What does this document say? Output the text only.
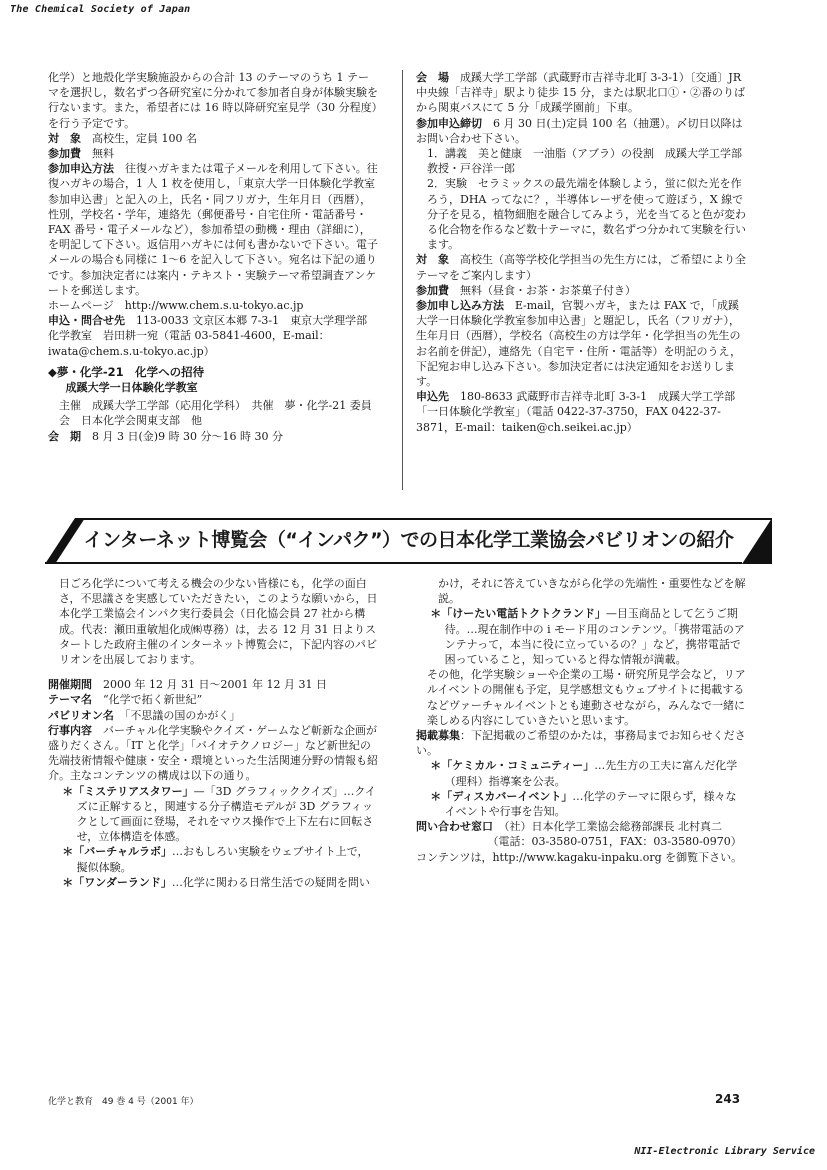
The Chemical Society of Japan

化学）と地殻化学実験施設からの合計 13 のテーマのうち 1 テーマを選択し，数名ずつ各研究室に分かれて参加者自身が体験実験を行ないます。また，希望者には 16 時以降研究室見学（30 分程度）を行う予定です。

対　象　 高校生，定員 100 名

参加費　 無料

参加申込方法　 往復ハガキまたは電子メールを利用して下さい。往復ハガキの場合，1 人 1 枚を使用し，「東京大学一日体験化学教室参加申込書」と記入の上，氏名・同フリガナ，生年月日（西暦），性別，学校名・学年，連絡先（郵便番号・自宅住所・電話番号・FAX 番号・電子メールなど），参加希望の動機・理由（詳細に），を明記して下さい。返信用ハガキには何も書かないで下さい。電子メールの場合も同様に 1〜6 を記入して下さい。宛名は下記の通りです。参加決定者には案内・テキスト・実験テーマ希望調査アンケートを郵送します。

ホームページ　http://www.chem.s.u-tokyo.ac.jp

申込・問合せ先　 113-0033 文京区本郷 7-3-1　東京大学理学部化学教室　岩田耕一宛（電話 03-5841-4600，E‐mail：iwata@chem.s.u-tokyo.ac.jp）

◆夢・化学-21　化学への招待

成蹊大学一日体験化学教室

主催　成蹊大学工学部（応用化学科）　共催　夢・化学-21 委員会　日本化学会関東支部　他

会　期　 8 月 3 日(金)9 時 30 分〜16 時 30 分

会　場　 成蹊大学工学部（武蔵野市吉祥寺北町 3-3-1）〔交通〕JR 中央線「吉祥寺」駅より徒歩 15 分，または駅北口①・②番のりばから関東バスにて 5 分「成蹊学園前」下車。

参加申込締切　 6 月 30 日(土)定員 100 名（抽選）。〆切日以降はお問い合わせ下さい。

1．講義　美と健康　一油脂（アブラ）の役割　成蹊大学工学部教授・戸谷洋一郎

2．実験　セラミックスの最先端を体験しよう，蛍に似た光を作ろう，DHA ってなに？，半導体レーザを使って遊ぼう，X 線で分子を見る，植物細胞を融合してみよう，光を当てると色が変わる化合物を作るなど数十テーマに，数名ずつ分かれて実験を行います。

対　象　 高校生（高等学校化学担当の先生方には，ご希望により全テーマをご案内します）

参加費　 無料（昼食・お茶・お茶菓子付き）

参加申し込み方法　 E‐mail，官製ハガキ，または FAX で，「成蹊大学一日体験化学教室参加申込書」と題記し，氏名（フリガナ），生年月日（西暦），学校名（高校生の方は学年・化学担当の先生のお名前を併記），連絡先（自宅〒・住所・電話等）を明記のうえ，下記宛お申し込み下さい。参加決定者には決定通知をお送りします。

申込先　 180-8633 武蔵野市吉祥寺北町 3-3-1　成蹊大学工学部「一日体験化学教室」（電話 0422-37-3750，FAX 0422-37-3871，E‐mail：taiken@ch.seikei.ac.jp）

インターネット博覧会（“インパク”）での日本化学工業協会パビリオンの紹介

日ごろ化学について考える機会の少ない皆様にも，化学の面白さ，不思議さを実感していただきたい，このような願いから，日本化学工業協会インパク実行委員会（日化協会員 27 社から構成。代表：瀬田重敏旭化成㈱専務）は，去る 12 月 31 日よりスタートした政府主催のインターネット博覧会に，下記内容のパビリオンを出展しております。

開催期間　 2000 年 12 月 31 日〜2001 年 12 月 31 日

テーマ名　 “化学で拓く新世紀”

パビリオン名　 「不思議の国のかがく」

行事内容　 バーチャル化学実験やクイズ・ゲームなど斬新な企画が盛りだくさん。「IT と化学」「バイオテクノロジー」など新世紀の先端技術情報や健康・安全・環境といった生活関連分野の情報も紹介。主なコンテンツの構成は以下の通り。

＊「ミステリアスタワー」—「3D グラフィッククイズ」…クイズに正解すると，関連する分子構造モデルが 3D グラフィックとして画面に登場，それをマウス操作で上下左右に回転させ，立体構造を体感。

＊「バーチャルラボ」…おもしろい実験をウェブサイト上で，擬似体験。

＊「ワンダーランド」…化学に関わる日常生活での疑問を問い

かけ，それに答えていきながら化学の先端性・重要性などを解説。

＊「けーたい電話トクトクランド」—目玉商品として乞うご期待。…現在制作中の i モード用のコンテンツ。「携帯電話のアンテナって，本当に役に立っているの？」など，携帯電話で困っていること，知っていると得な情報が満載。

その他，化学実験ショーや企業の工場・研究所見学会など，リアルイベントの開催も予定，見学感想文もウェブサイトに掲載するなどヴァーチャルイベントとも連動させながら，みんなで一緒に楽しめる内容にしていきたいと思います。

掲載募集：下記掲載のご希望のかたは，事務局までお知らせください。

＊「ケミカル・コミュニティー」…先生方の工夫に富んだ化学（理科）指導案を公表。

＊「ディスカバーイベント」…化学のテーマに限らず，様々なイベントや行事を告知。

問い合わせ窓口　 （社）日本化学工業協会総務部課長 北村真二

（電話：03-3580-0751，FAX：03-3580-0970）

コンテンツは，http://www.kagaku-inpaku.org を御覧下さい。

化学と教育　49 巻 4 号（2001 年）	243
NII-Electronic Library Service
